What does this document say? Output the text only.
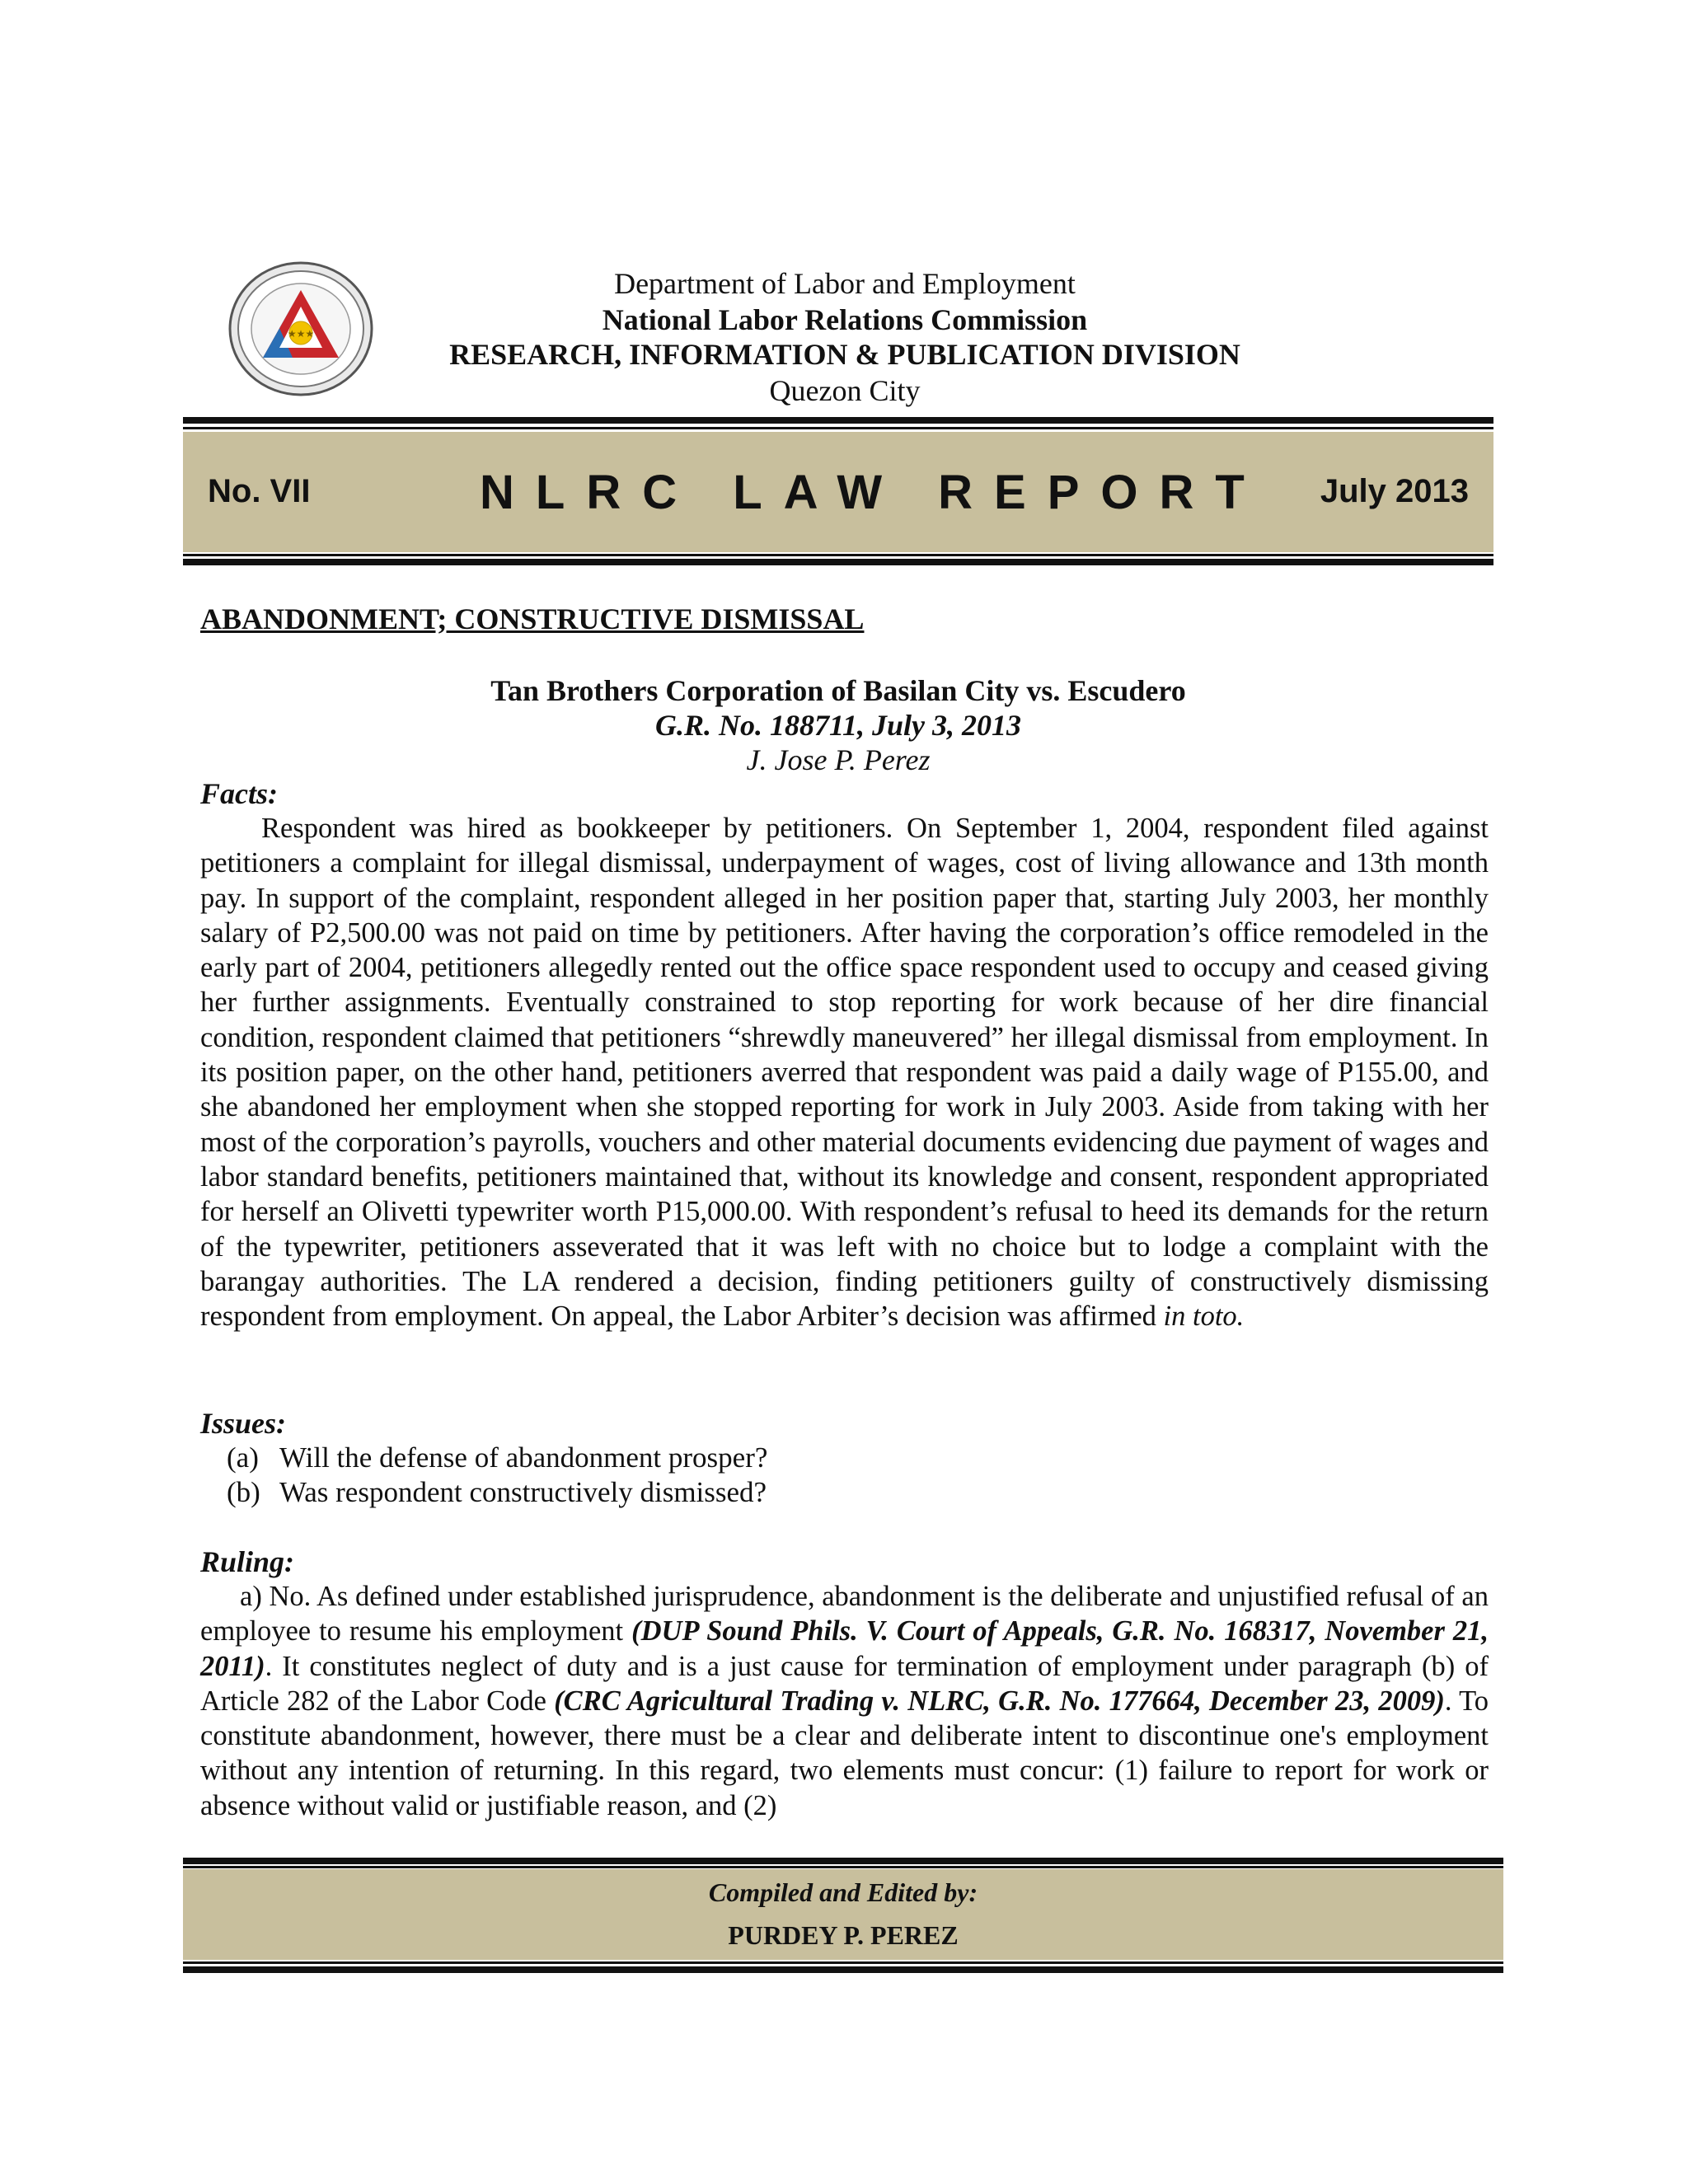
★★★
Department of Labor and Employment
National Labor Relations Commission
RESEARCH, INFORMATION & PUBLICATION DIVISION
Quezon City
No. VII	NLRC LAW REPORT July 2013
ABANDONMENT; CONSTRUCTIVE DISMISSAL
Tan Brothers Corporation of Basilan City vs. Escudero
G.R. No. 188711, July 3, 2013
J. Jose P. Perez
Facts:

Respondent was hired as bookkeeper by petitioners. On September 1, 2004, respondent filed against petitioners a complaint for illegal dismissal, underpayment of wages, cost of living allowance and 13th month pay. In support of the complaint, respondent alleged in her position paper that, starting July 2003, her monthly salary of P2,500.00 was not paid on time by petitioners. After having the corporation’s office remodeled in the early part of 2004, petitioners allegedly rented out the office space respondent used to occupy and ceased giving her further assignments. Eventually constrained to stop reporting for work because of her dire financial condition, respondent claimed that petitioners “shrewdly maneuvered” her illegal dismissal from employment. In its position paper, on the other hand, petitioners averred that respondent was paid a daily wage of P155.00, and she abandoned her employment when she stopped reporting for work in July 2003. Aside from taking with her most of the corporation’s payrolls, vouchers and other material documents evidencing due payment of wages and labor standard benefits, petitioners maintained that, without its knowledge and consent, respondent appropriated for herself an Olivetti typewriter worth P15,000.00. With respondent’s refusal to heed its demands for the return of the typewriter, petitioners asseverated that it was left with no choice but to lodge a complaint with the barangay authorities. The LA rendered a decision, finding petitioners guilty of constructively dismissing respondent from employment. On appeal, the Labor Arbiter’s decision was affirmed in toto.

Issues:
(a) Will the defense of abandonment prosper?
(b) Was respondent constructively dismissed?
Ruling:

a) No. As defined under established jurisprudence, abandonment is the deliberate and unjustified refusal of an employee to resume his employment (DUP Sound Phils. V. Court of Appeals, G.R. No. 168317, November 21, 2011). It constitutes neglect of duty and is a just cause for termination of employment under paragraph (b) of Article 282 of the Labor Code (CRC Agricultural Trading v. NLRC, G.R. No. 177664, December 23, 2009). To constitute abandonment, however, there must be a clear and deliberate intent to discontinue one's employment without any intention of returning. In this regard, two elements must concur: (1) failure to report for work or absence without valid or justifiable reason, and (2)

Compiled and Edited by:
PURDEY P. PEREZ
